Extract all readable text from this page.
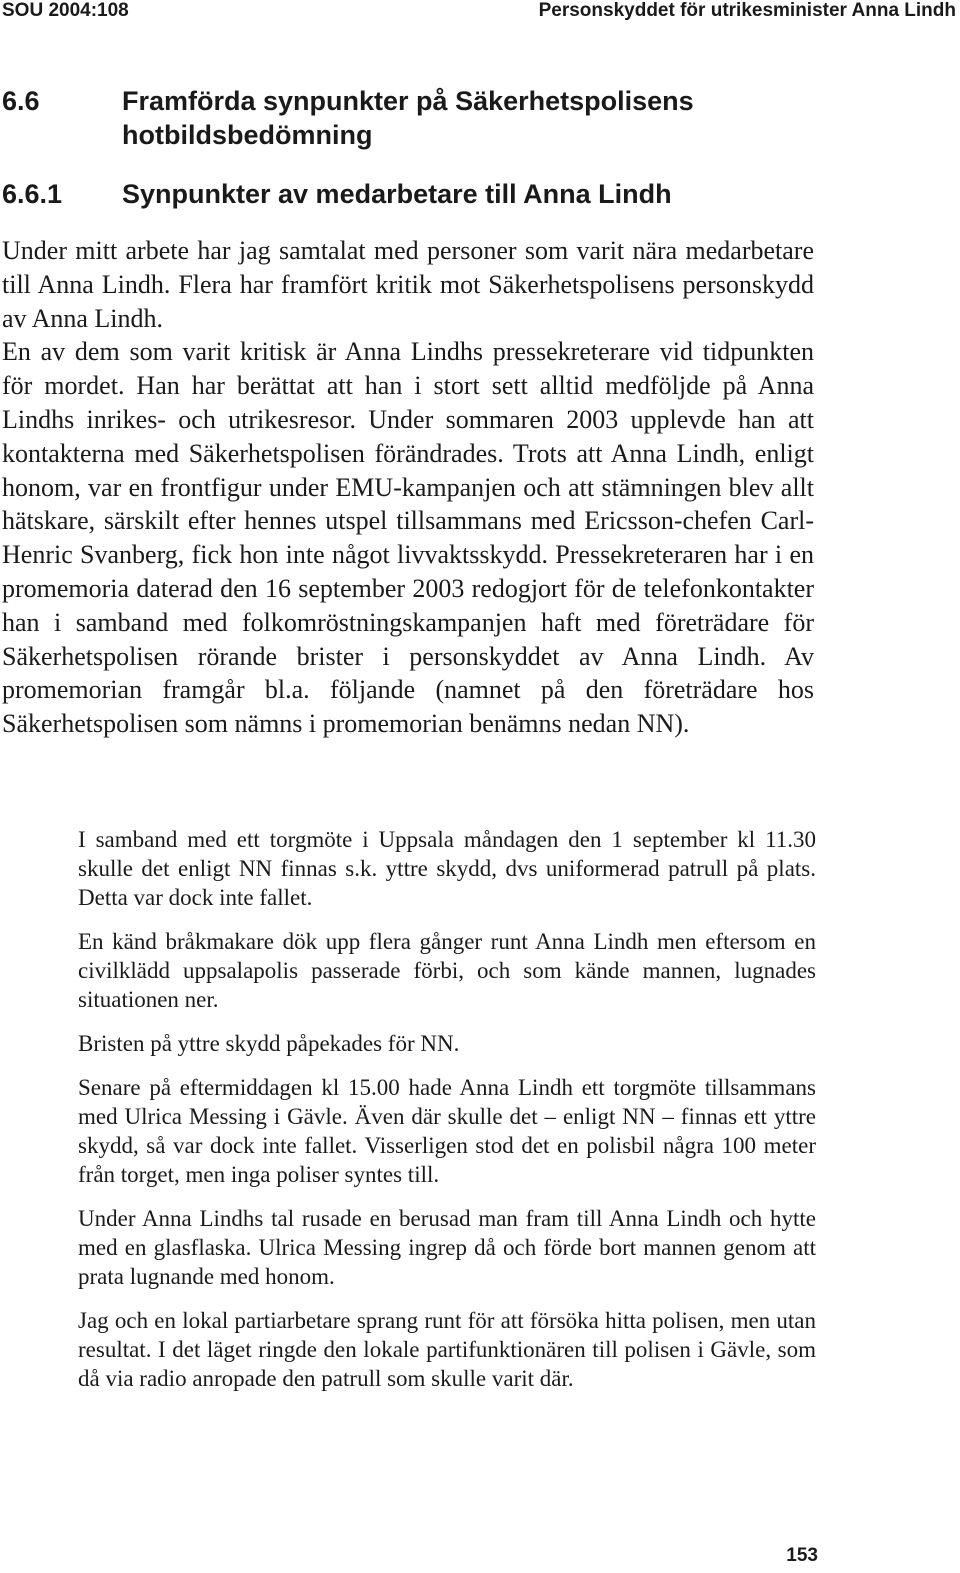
SOU 2004:108	Personskyddet för utrikesminister Anna Lindh
6.6	Framförda synpunkter på Säkerhetspolisens hotbildsbedömning
6.6.1 Synpunkter av medarbetare till Anna Lindh

Under mitt arbete har jag samtalat med personer som varit nära medarbetare till Anna Lindh. Flera har framfört kritik mot Säkerhetspolisens personskydd av Anna Lindh.

En av dem som varit kritisk är Anna Lindhs pressekreterare vid tidpunkten för mordet. Han har berättat att han i stort sett alltid medföljde på Anna Lindhs inrikes- och utrikesresor. Under sommaren 2003 upplevde han att kontakterna med Säkerhetspolisen förändrades. Trots att Anna Lindh, enligt honom, var en frontfigur under EMU-kampanjen och att stämningen blev allt hätskare, särskilt efter hennes utspel tillsammans med Ericsson-chefen Carl-Henric Svanberg, fick hon inte något livvaktsskydd. Pressekreteraren har i en promemoria daterad den 16 september 2003 redogjort för de telefonkontakter han i samband med folkomröstningskampanjen haft med företrädare för Säkerhetspolisen rörande brister i personskyddet av Anna Lindh. Av promemorian framgår bl.a. följande (namnet på den företrädare hos Säkerhetspolisen som nämns i promemorian benämns nedan NN).

I samband med ett torgmöte i Uppsala måndagen den 1 september kl 11.30 skulle det enligt NN finnas s.k. yttre skydd, dvs uniformerad patrull på plats. Detta var dock inte fallet.

En känd bråkmakare dök upp flera gånger runt Anna Lindh men eftersom en civilklädd uppsalapolis passerade förbi, och som kände mannen, lugnades situationen ner.

Bristen på yttre skydd påpekades för NN.

Senare på eftermiddagen kl 15.00 hade Anna Lindh ett torgmöte tillsammans med Ulrica Messing i Gävle. Även där skulle det – enligt NN – finnas ett yttre skydd, så var dock inte fallet. Visserligen stod det en polisbil några 100 meter från torget, men inga poliser syntes till.

Under Anna Lindhs tal rusade en berusad man fram till Anna Lindh och hytte med en glasflaska. Ulrica Messing ingrep då och förde bort mannen genom att prata lugnande med honom.

Jag och en lokal partiarbetare sprang runt för att försöka hitta polisen, men utan resultat. I det läget ringde den lokale partifunktionären till polisen i Gävle, som då via radio anropade den patrull som skulle varit där.

153
